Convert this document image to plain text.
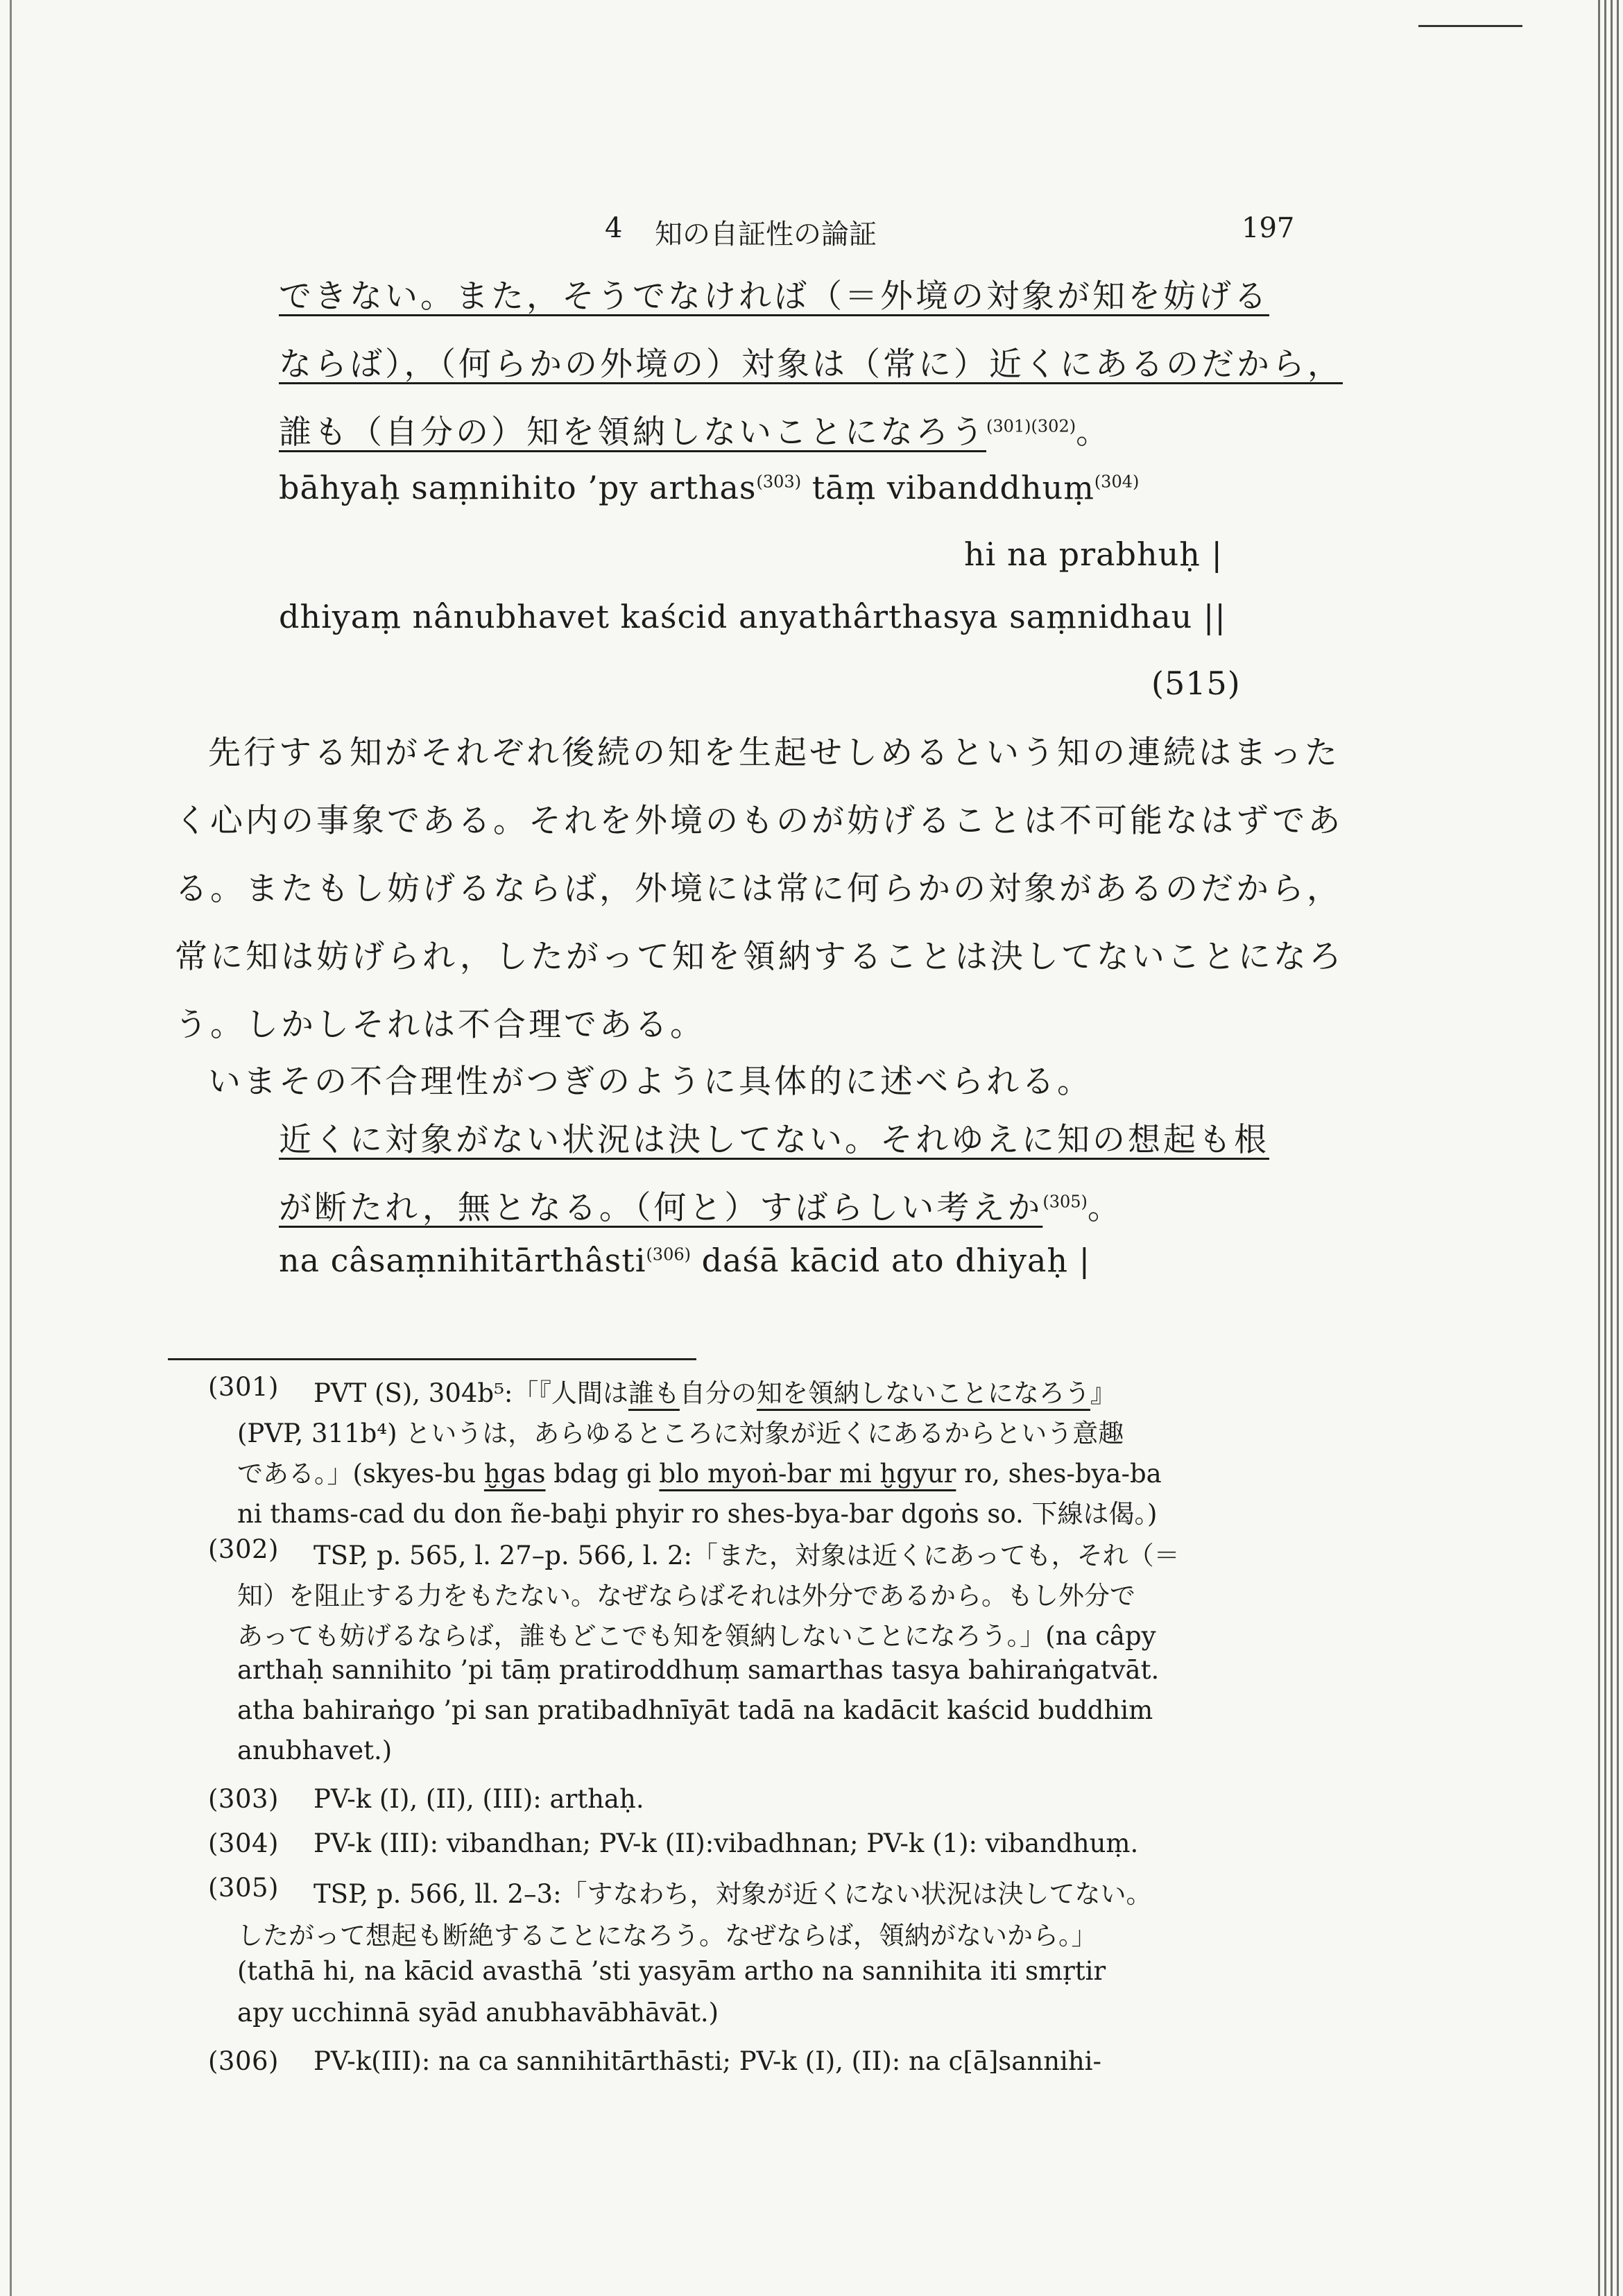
4 知の自証性の論証	197
できない。また，そうでなければ（＝外境の対象が知を妨げる
ならば），（何らかの外境の）対象は（常に）近くにあるのだから，
誰も（自分の）知を領納しないことになろう$^{(301)(302)}$。
bāhyaḥ saṃnihito ’py arthas$^{(303)}$ tāṃ vibanddhuṃ$^{(304)}$
hi na prabhuḥ |
dhiyaṃ nânubhavet kaścid anyathârthasya saṃnidhau ||
(515)
先行する知がそれぞれ後続の知を生起せしめるという知の連続はまった
く心内の事象である。それを外境のものが妨げることは不可能なはずであ
る。またもし妨げるならば，外境には常に何らかの対象があるのだから，
常に知は妨げられ，したがって知を領納することは決してないことになろ
う。しかしそれは不合理である。
いまその不合理性がつぎのように具体的に述べられる。
近くに対象がない状況は決してない。それゆえに知の想起も根
が断たれ，無となる。（何と）すばらしい考えか$^{(305)}$。
na câsaṃnihitārthâsti$^{(306)}$ daśā kācid ato dhiyaḥ |
(301) PVT (S), 304b⁵:「『人間は誰も自分の知を領納しないことになろう』
(PVP, 311b⁴) というは，あらゆるところに対象が近くにあるからという意趣
である。」(skyes-bu ḫgas bdag gi blo myoṅ-bar mi ḫgyur ro, shes-bya-ba
ni thams-cad du don ñe-baḫi phyir ro shes-bya-bar dgoṅs so. 下線は偈。)
(302) TSP, p. 565, l. 27–p. 566, l. 2:「また，対象は近くにあっても，それ（＝
知）を阻止する力をもたない。なぜならばそれは外分であるから。もし外分で
あっても妨げるならば，誰もどこでも知を領納しないことになろう。」(na câpy
arthaḥ sannihito ’pi tāṃ pratiroddhuṃ samarthas tasya bahiraṅgatvāt.
atha bahiraṅgo ’pi san pratibadhnīyāt tadā na kadācit kaścid buddhim
anubhavet.)
(303) PV-k (I), (II), (III): arthaḥ.
(304) PV-k (III): vibandhan; PV-k (II):vibadhnan; PV-k (1): vibandhuṃ.
(305) TSP, p. 566, ll. 2–3:「すなわち，対象が近くにない状況は決してない。
したがって想起も断絶することになろう。なぜならば，領納がないから。」
(tathā hi, na kācid avasthā ’sti yasyām artho na sannihita iti smṛtir
apy ucchinnā syād anubhavābhāvāt.)
(306) PV-k(III): na ca sannihitārthāsti; PV-k (I), (II): na c[ā]sannihi-
